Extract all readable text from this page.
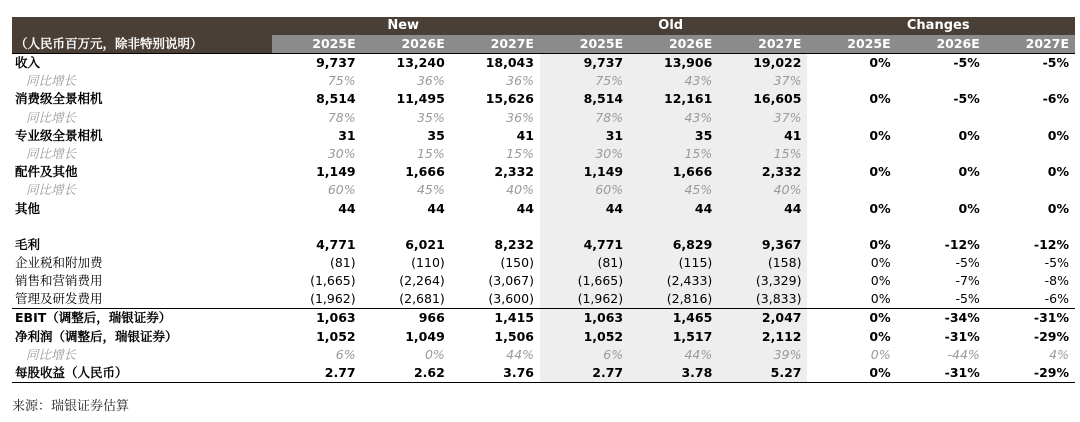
	New			Old			Changes		
（人民币百万元，除非特别说明）	2025E	2026E	2027E	2025E	2026E	2027E	2025E	2026E	2027E
收入	9,737	13,240	18,043	9,737	13,906	19,022	0%	-5%	-5%
同比增长	75%	36%	36%	75%	43%	37%			
消费级全景相机	8,514	11,495	15,626	8,514	12,161	16,605	0%	-5%	-6%
同比增长	78%	35%	36%	78%	43%	37%			
专业级全景相机	31	35	41	31	35	41	0%	0%	0%
同比增长	30%	15%	15%	30%	15%	15%			
配件及其他	1,149	1,666	2,332	1,149	1,666	2,332	0%	0%	0%
同比增长	60%	45%	40%	60%	45%	40%			
其他	44	44	44	44	44	44	0%	0%	0%

毛利	4,771	6,021	8,232	4,771	6,829	9,367	0%	-12%	-12%
企业税和附加费	(81)	(110)	(150)	(81)	(115)	(158)	0%	-5%	-5%
销售和营销费用	(1,665)	(2,264)	(3,067)	(1,665)	(2,433)	(3,329)	0%	-7%	-8%
管理及研发费用	(1,962)	(2,681)	(3,600)	(1,962)	(2,816)	(3,833)	0%	-5%	-6%
EBIT（调整后，瑞银证券）	1,063	966	1,415	1,063	1,465	2,047	0%	-34%	-31%
净利润（调整后，瑞银证券）	1,052	1,049	1,506	1,052	1,517	2,112	0%	-31%	-29%
同比增长	6%	0%	44%	6%	44%	39%	0%	-44%	4%
每股收益（人民币）	2.77	2.62	3.76	2.77	3.78	5.27	0%	-31%	-29%
来源：瑞银证券估算
